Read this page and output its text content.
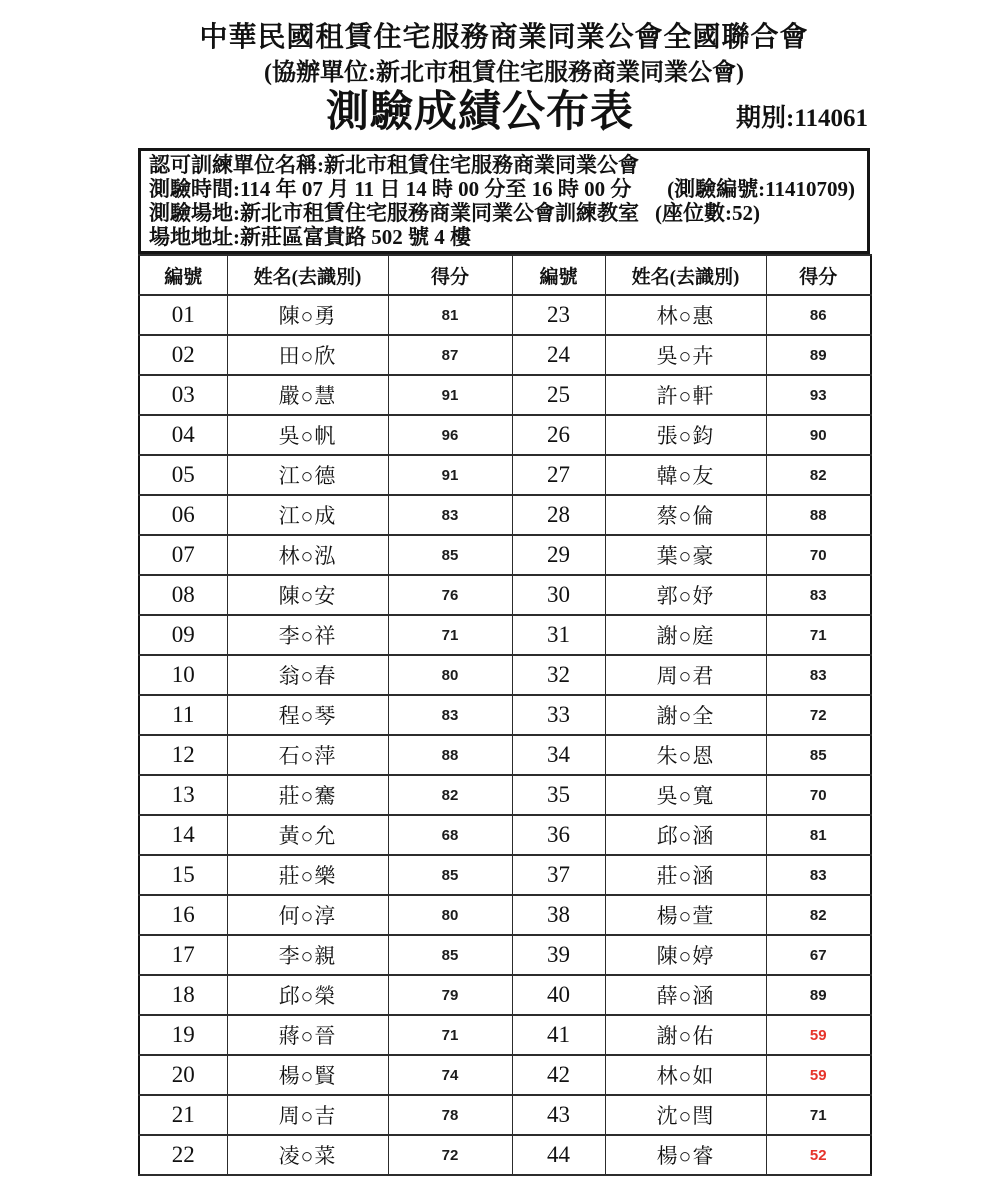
中華民國租賃住宅服務商業同業公會全國聯合會
(協辦單位:新北市租賃住宅服務商業同業公會)
測驗成績公布表	期別:114061
認可訓練單位名稱:新北市租賃住宅服務商業同業公會
測驗時間:114 年 07 月 11 日 14 時 00 分至 16 時 00 分 (測驗編號:11410709)
測驗場地:新北市租賃住宅服務商業同業公會訓練教室 (座位數:52)
場地地址:新莊區富貴路 502 號 4 樓
編號	姓名(去識別)	得分	編號	姓名(去識別)	得分
01	陳○勇	81	23	林○惠	86
02	田○欣	87	24	吳○卉	89
03	嚴○慧	91	25	許○軒	93
04	吳○帆	96	26	張○鈞	90
05	江○德	91	27	韓○友	82
06	江○成	83	28	蔡○倫	88
07	林○泓	85	29	葉○豪	70
08	陳○安	76	30	郭○妤	83
09	李○祥	71	31	謝○庭	71
10	翁○春	80	32	周○君	83
11	程○琴	83	33	謝○全	72
12	石○萍	88	34	朱○恩	85
13	莊○騫	82	35	吳○寬	70
14	黃○允	68	36	邱○涵	81
15	莊○樂	85	37	莊○涵	83
16	何○淳	80	38	楊○萱	82
17	李○親	85	39	陳○婷	67
18	邱○榮	79	40	薛○涵	89
19	蔣○晉	71	41	謝○佑	59
20	楊○賢	74	42	林○如	59
21	周○吉	78	43	沈○閆	71
22	凌○菜	72	44	楊○睿	52
